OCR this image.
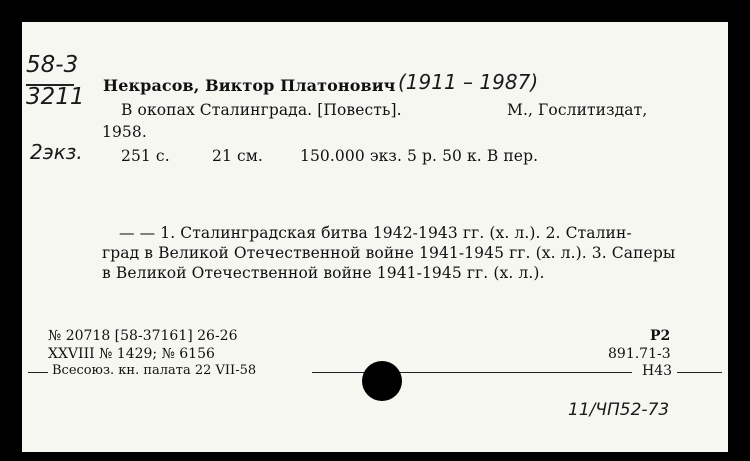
58-3
3211
2экз.
Некрасов, Виктор Платонович (1911 – 1987)
В окопах Сталинграда. [Повесть].	М., Гослитиздат,
1958.
251 с.	21 см. 150.000 экз. 5 р. 50 к. В пер.
— — 1. Сталинградская битва 1942-1943 гг. (х. л.). 2. Сталин-
град в Великой Отечественной войне 1941-1945 гг. (х. л.). 3. Саперы
в Великой Отечественной войне 1941-1945 гг. (х. л.).
№ 20718 [58-37161] 26-26
XXVIII № 1429; № 6156
Всесоюз. кн. палата 22 VII-58
P2
891.71-3
Н43
11/ЧП52-73
